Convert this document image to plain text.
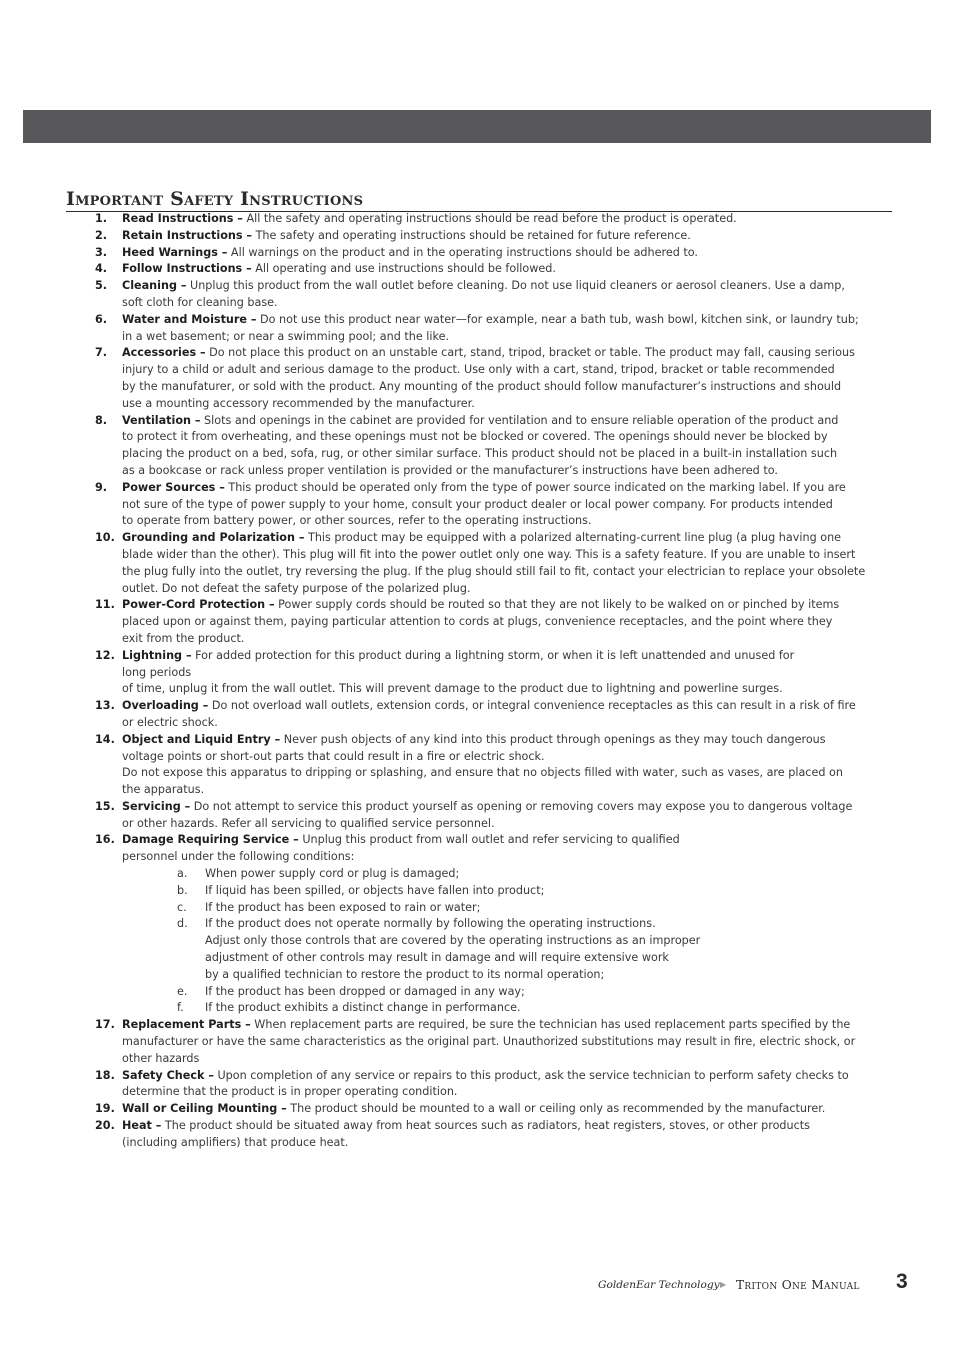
Important Safety Instructions
1. Read Instructions – All the safety and operating instructions should be read before the product is operated.
2. Retain Instructions – The safety and operating instructions should be retained for future reference.
3. Heed Warnings – All warnings on the product and in the operating instructions should be adhered to.
4. Follow Instructions – All operating and use instructions should be followed.
5. Cleaning – Unplug this product from the wall outlet before cleaning. Do not use liquid cleaners or aerosol cleaners. Use a damp,
soft cloth for cleaning base.
6. Water and Moisture – Do not use this product near water—for example, near a bath tub, wash bowl, kitchen sink, or laundry tub;
in a wet basement; or near a swimming pool; and the like.
7. Accessories – Do not place this product on an unstable cart, stand, tripod, bracket or table. The product may fall, causing serious
injury to a child or adult and serious damage to the product. Use only with a cart, stand, tripod, bracket or table recommended
by the manufaturer, or sold with the product. Any mounting of the product should follow manufacturer’s instructions and should
use a mounting accessory recommended by the manufacturer.
8. Ventilation – Slots and openings in the cabinet are provided for ventilation and to ensure reliable operation of the product and
to protect it from overheating, and these openings must not be blocked or covered. The openings should never be blocked by
placing the product on a bed, sofa, rug, or other similar surface. This product should not be placed in a built-in installation such
as a bookcase or rack unless proper ventilation is provided or the manufacturer’s instructions have been adhered to.
9. Power Sources – This product should be operated only from the type of power source indicated on the marking label. If you are
not sure of the type of power supply to your home, consult your product dealer or local power company. For products intended
to operate from battery power, or other sources, refer to the operating instructions.
10. Grounding and Polarization – This product may be equipped with a polarized alternating-current line plug (a plug having one
blade wider than the other). This plug will fit into the power outlet only one way. This is a safety feature. If you are unable to insert
the plug fully into the outlet, try reversing the plug. If the plug should still fail to fit, contact your electrician to replace your obsolete
outlet. Do not defeat the safety purpose of the polarized plug.
11. Power-Cord Protection – Power supply cords should be routed so that they are not likely to be walked on or pinched by items
placed upon or against them, paying particular attention to cords at plugs, convenience receptacles, and the point where they
exit from the product.
12. Lightning – For added protection for this product during a lightning storm, or when it is left unattended and unused for
long periods
of time, unplug it from the wall outlet. This will prevent damage to the product due to lightning and powerline surges.
13. Overloading – Do not overload wall outlets, extension cords, or integral convenience receptacles as this can result in a risk of fire
or electric shock.
14. Object and Liquid Entry – Never push objects of any kind into this product through openings as they may touch dangerous
voltage points or short-out parts that could result in a fire or electric shock.
Do not expose this apparatus to dripping or splashing, and ensure that no objects filled with water, such as vases, are placed on
the apparatus.
15. Servicing – Do not attempt to service this product yourself as opening or removing covers may expose you to dangerous voltage
or other hazards. Refer all servicing to qualified service personnel.
16. Damage Requiring Service – Unplug this product from wall outlet and refer servicing to qualified
personnel under the following conditions:
a. When power supply cord or plug is damaged;
b. If liquid has been spilled, or objects have fallen into product;
c. If the product has been exposed to rain or water;
d. If the product does not operate normally by following the operating instructions.
Adjust only those controls that are covered by the operating instructions as an improper
adjustment of other controls may result in damage and will require extensive work
by a qualified technician to restore the product to its normal operation;
e. If the product has been dropped or damaged in any way;
f. If the product exhibits a distinct change in performance.
17. Replacement Parts – When replacement parts are required, be sure the technician has used replacement parts specified by the
manufacturer or have the same characteristics as the original part. Unauthorized substitutions may result in fire, electric shock, or
other hazards
18. Safety Check – Upon completion of any service or repairs to this product, ask the service technician to perform safety checks to
determine that the product is in proper operating condition.
19. Wall or Ceiling Mounting – The product should be mounted to a wall or ceiling only as recommended by the manufacturer.
20. Heat – The product should be situated away from heat sources such as radiators, heat registers, stoves, or other products
(including amplifiers) that produce heat.
GoldenEar Technology ▶ Triton One Manual 3
